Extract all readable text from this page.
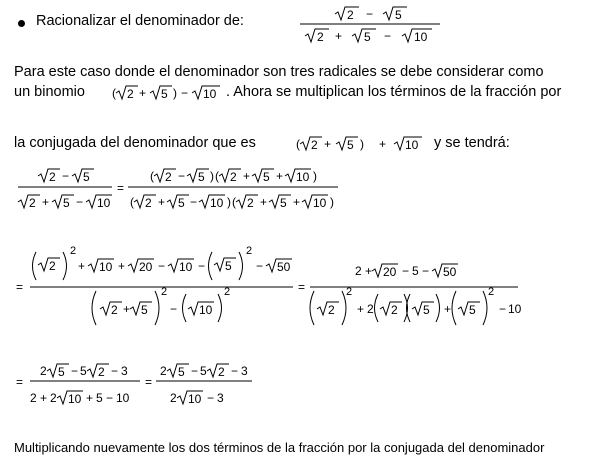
Racionalizar el denominador de:
Para este caso donde el denominador son tres radicales se debe considerar como
un binomio	. Ahora se multiplican los términos de la fracción por
la conjugada del denominador que es	y se tendrá:
Multiplicando nuevamente los dos términos de la fracción por la conjugada del denominador
2 − 5
2 + 5 − 10
( 2 + 5 ) − 10
( 2 + 5 ) + 10
2 − 5
2 + 5 − 10
=
( 2 − 5 ) ( 2 + 5 + 10 )
( 2 + 5 − 10 ) ( 2 + 5 + 10 )
=
2
2
+ 10 + 20 − 10 − 5
2
− 50
2 + 5
2
− 10
2	=
2 + 20 − 5 − 50
2
2
+ 2 2 5 + 5
2
− 10
=
2 5 − 5 2 − 3
2 + 2 10 + 5 − 10
=
2 5 − 5 2 − 3
2 10 − 3
